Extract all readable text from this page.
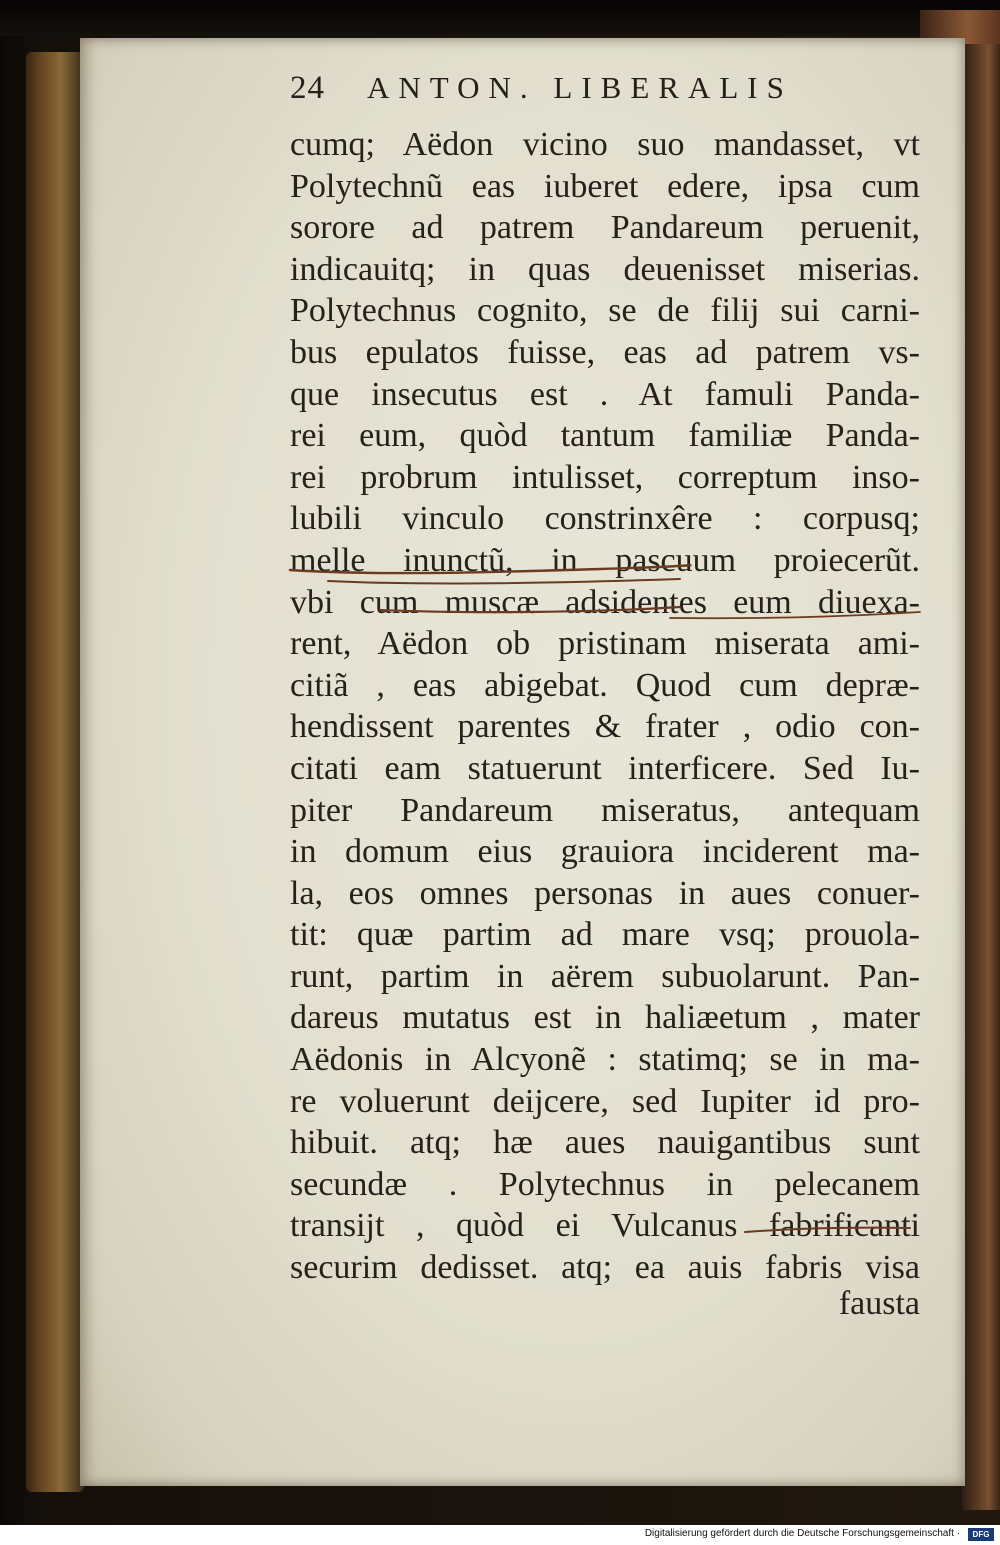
24 ANTON. LIBERALIS
cumq; Aëdon vicino suo mandasset, vt
Polytechnũ eas iuberet edere, ipsa cum
sorore ad patrem Pandareum peruenit,
indicauitq; in quas deuenisset miserias.
Polytechnus cognito, se de filij sui carni-
bus epulatos fuisse, eas ad patrem vs-
que insecutus est . At famuli Panda-
rei eum, quòd tantum familiæ Panda-
rei probrum intulisset, correptum inso-
lubili vinculo constrinxêre : corpusq;
melle inunctũ, in pascuum proiecerũt.
vbi cum muscæ adsidentes eum diuexa-
rent, Aëdon ob pristinam miserata ami-
citiã , eas abigebat. Quod cum depræ-
hendissent parentes & frater , odio con-
citati eam statuerunt interficere. Sed Iu-
piter Pandareum miseratus, antequam
in domum eius grauiora inciderent ma-
la, eos omnes personas in aues conuer-
tit: quæ partim ad mare vsq; prouola-
runt, partim in aërem subuolarunt. Pan-
dareus mutatus est in haliæetum , mater
Aëdonis in Alcyonẽ : statimq; se in ma-
re voluerunt deijcere, sed Iupiter id pro-
hibuit. atq; hæ aues nauigantibus sunt
secundæ . Polytechnus in pelecanem
transijt , quòd ei Vulcanus fabrificanti
securim dedisset. atq; ea auis fabris visa
fausta
Digitalisierung gefördert durch die Deutsche Forschungsgemeinschaft ·	DFG
